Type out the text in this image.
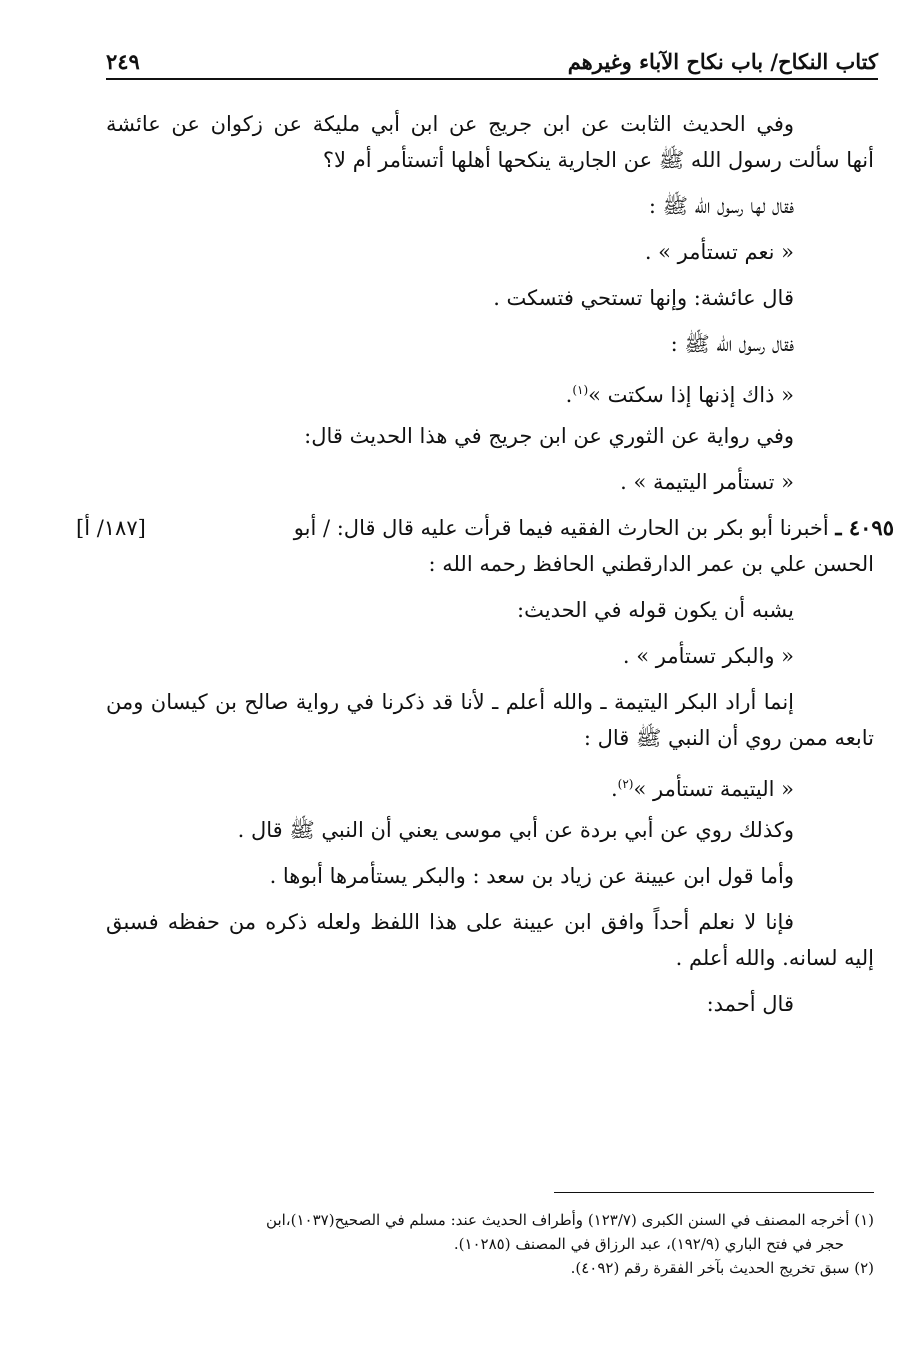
كتاب النكاح/ باب نكاح الآباء وغيرهم
٢٤٩
وفي الحديث الثابت عن ابن جريج عن ابن أبي مليكة عن زكوان عن عائشة
أنها سألت رسول الله ﷺ عن الجارية ينكحها أهلها أتستأمر أم لا؟
فقال لها رسول الله ﷺ :
« نعم تستأمر » .
قال عائشة: وإنها تستحي فتسكت .
فقال رسول الله ﷺ :
« ذاك إذنها إذا سكتت »$^{(١)}$.
وفي رواية عن الثوري عن ابن جريج في هذا الحديث قال:
« تستأمر اليتيمة » .
٤٠٩٥ ـ أخبرنا أبو بكر بن الحارث الفقيه فيما قرأت عليه قال قال: / أبو
[١٨٧/ أ]
الحسن علي بن عمر الدارقطني الحافظ رحمه الله :
يشبه أن يكون قوله في الحديث:
« والبكر تستأمر » .
إنما أراد البكر اليتيمة ـ والله أعلم ـ لأنا قد ذكرنا في رواية صالح بن كيسان ومن
تابعه ممن روي أن النبي ﷺ قال :
« اليتيمة تستأمر »$^{(٢)}$.
وكذلك روي عن أبي بردة عن أبي موسى يعني أن النبي ﷺ قال .
وأما قول ابن عيينة عن زياد بن سعد : والبكر يستأمرها أبوها .
فإنا لا نعلم أحداً وافق ابن عيينة على هذا اللفظ ولعله ذكره من حفظه فسبق
إليه لسانه. والله أعلم .
قال أحمد:
(١) أخرجه المصنف في السنن الكبرى (١٢٣/٧) وأطراف الحديث عند: مسلم في الصحيح(١٠٣٧)،ابن
حجر في فتح الباري (١٩٢/٩)، عبد الرزاق في المصنف (١٠٢٨٥).
(٢) سبق تخريج الحديث بآخر الفقرة رقم (٤٠٩٢).
